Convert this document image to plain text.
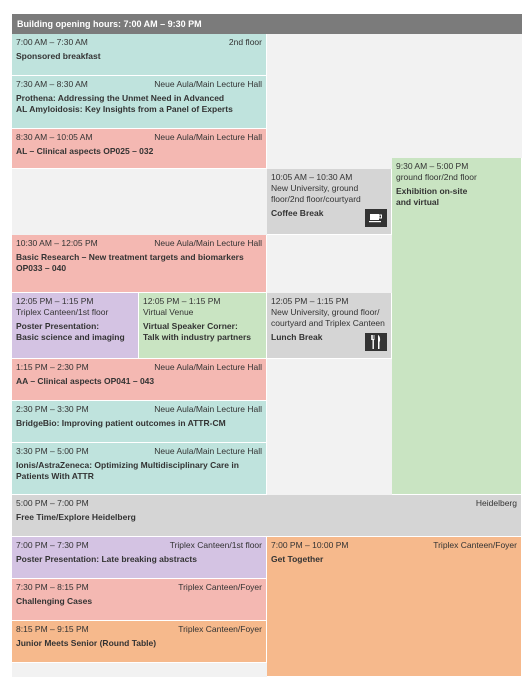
Building opening hours: 7:00 AM – 9:30 PM
7:00 AM – 7:30 AM	2nd floor
Sponsored breakfast
7:30 AM – 8:30 AM	Neue Aula/Main Lecture Hall
Prothena: Addressing the Unmet Need in Advanced
AL Amyloidosis: Key Insights from a Panel of Experts
8:30 AM – 10:05 AM	Neue Aula/Main Lecture Hall
AL – Clinical aspects OP025 – 032
10:05 AM – 10:30 AM
New University, ground
floor/2nd floor/courtyard
Coffee Break
9:30 AM – 5:00 PM
ground floor/2nd floor
Exhibition on-site
and virtual
10:30 AM – 12:05 PM	Neue Aula/Main Lecture Hall
Basic Research – New treatment targets and biomarkers
OP033 – 040
12:05 PM – 1:15 PM
Triplex Canteen/1st floor
Poster Presentation:
Basic science and imaging
12:05 PM – 1:15 PM
Virtual Venue
Virtual Speaker Corner:
Talk with industry partners
12:05 PM – 1:15 PM
New University, ground floor/
courtyard and Triplex Canteen
Lunch Break
1:15 PM – 2:30 PM	Neue Aula/Main Lecture Hall
AA – Clinical aspects OP041 – 043
2:30 PM – 3:30 PM	Neue Aula/Main Lecture Hall
BridgeBio: Improving patient outcomes in ATTR-CM
3:30 PM – 5:00 PM	Neue Aula/Main Lecture Hall
Ionis/AstraZeneca: Optimizing Multidisciplinary Care in
Patients With ATTR
5:00 PM – 7:00 PM	Heidelberg
Free Time/Explore Heidelberg
7:00 PM – 7:30 PM	Triplex Canteen/1st floor
Poster Presentation: Late breaking abstracts
7:00 PM – 10:00 PM	Triplex Canteen/Foyer
Get Together
7:30 PM – 8:15 PM	Triplex Canteen/Foyer
Challenging Cases
8:15 PM – 9:15 PM	Triplex Canteen/Foyer
Junior Meets Senior (Round Table)
